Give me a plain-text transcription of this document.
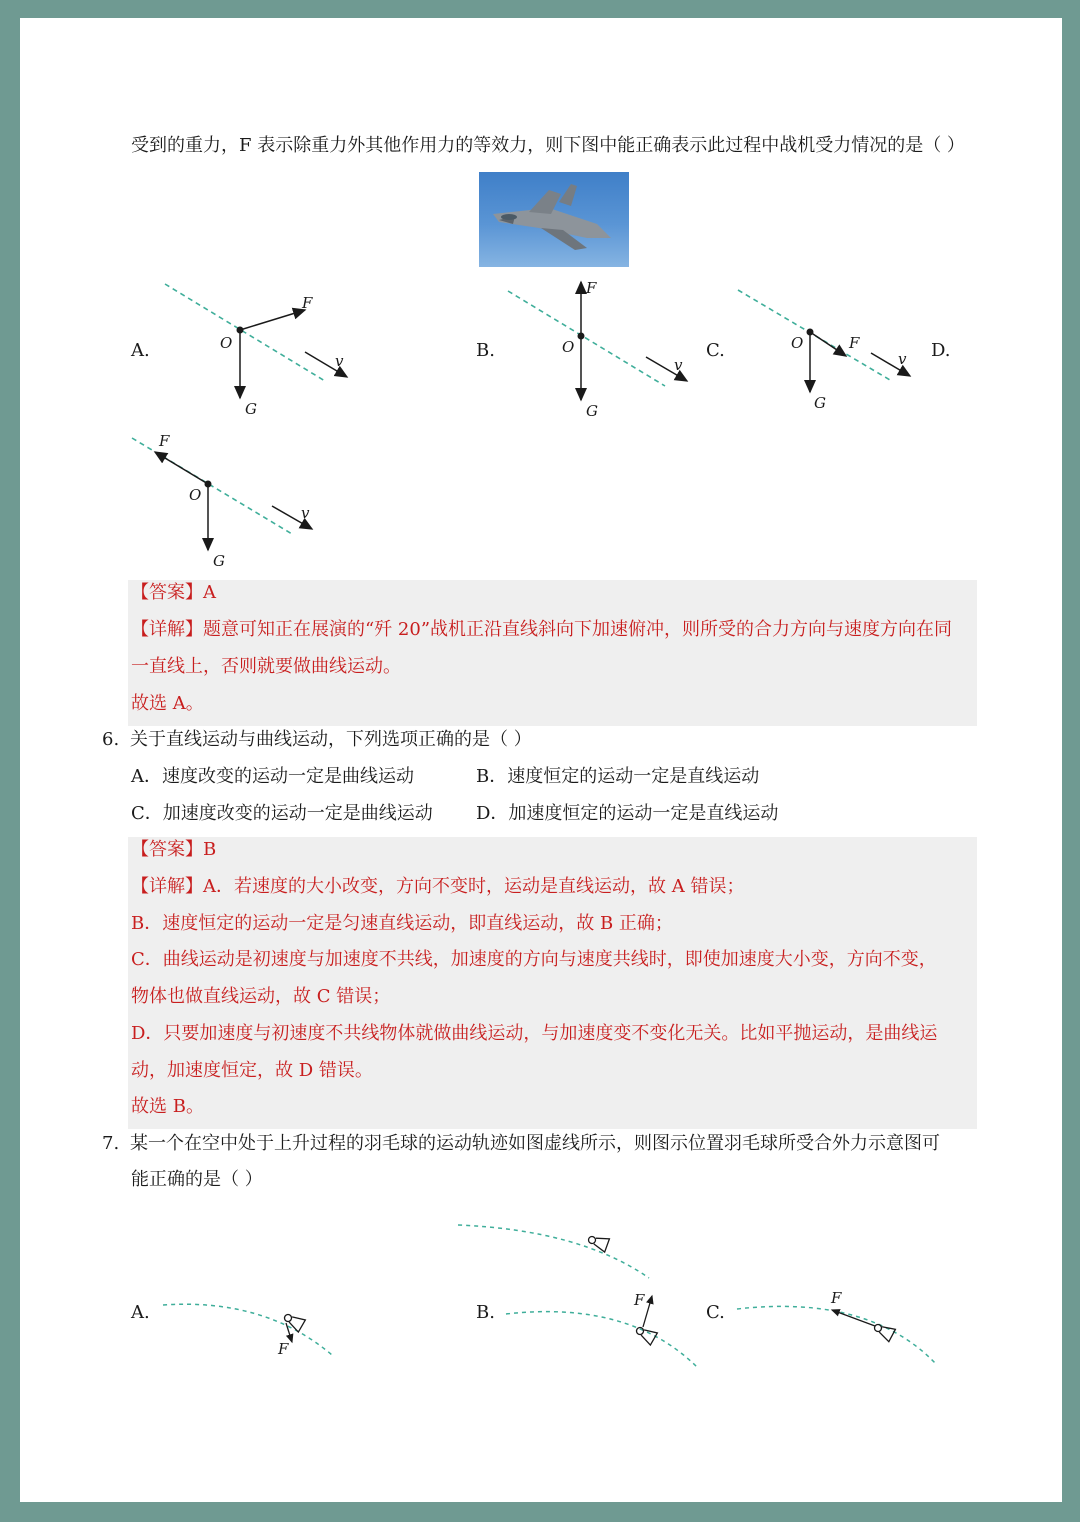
受到的重力，F 表示除重力外其他作用力的等效力，则下图中能正确表示此过程中战机受力情况的是（ ）
A.	B.	C.	D.
F
O
G
v
F
O
G
v
F
O
G
v
F
O
G
v
【答案】A
【详解】题意可知正在展演的“歼 20”战机正沿直线斜向下加速俯冲，则所受的合力方向与速度方向在同
一直线上，否则就要做曲线运动。
故选 A。
6. 关于直线运动与曲线运动，下列选项正确的是（ ）
A．速度改变的运动一定是曲线运动	B．速度恒定的运动一定是直线运动
C．加速度改变的运动一定是曲线运动 D．加速度恒定的运动一定是直线运动
【答案】B
【详解】A．若速度的大小改变，方向不变时，运动是直线运动，故 A 错误；
B．速度恒定的运动一定是匀速直线运动，即直线运动，故 B 正确；
C．曲线运动是初速度与加速度不共线，加速度的方向与速度共线时，即使加速度大小变，方向不变，
物体也做直线运动，故 C 错误；
D．只要加速度与初速度不共线物体就做曲线运动，与加速度变不变化无关。比如平抛运动，是曲线运
动，加速度恒定，故 D 错误。
故选 B。
7. 某一个在空中处于上升过程的羽毛球的运动轨迹如图虚线所示，则图示位置羽毛球所受合外力示意图可
能正确的是（ ）
A.	B.	C.
F
F	F
